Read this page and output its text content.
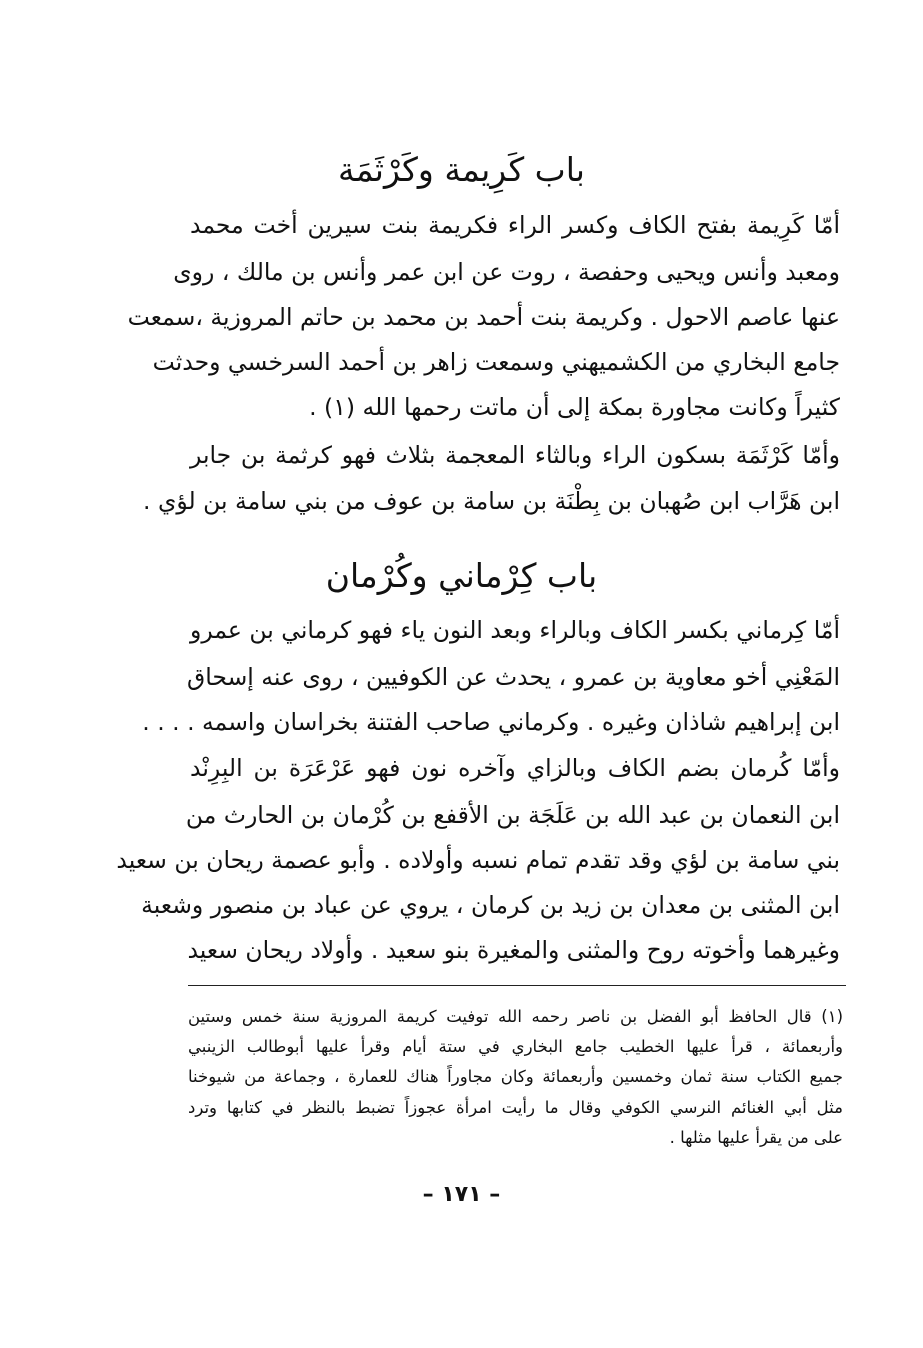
باب كَرِيمة وكَرْثَمَة
أمّا كَرِيمة بفتح الكاف وكسر الراء فكريمة بنت سيرين أخت محمد
ومعبد وأنس ويحيى وحفصة ، روت عن ابن عمر وأنس بن مالك ، روى
عنها عاصم الاحول . وكريمة بنت أحمد بن محمد بن حاتم المروزية ،سمعت
جامع البخاري من الكشميهني وسمعت زاهر بن أحمد السرخسي وحدثت
كثيراً وكانت مجاورة بمكة إلى أن ماتت رحمها الله (١) .
وأمّا كَرْثَمَة بسكون الراء وبالثاء المعجمة بثلاث فهو كرثمة بن جابر
ابن هَرَّاب ابن صُهبان بن بِطْنَة بن سامة بن عوف من بني سامة بن لؤي .
باب كِرْماني وكُرْمان
أمّا كِرماني بكسر الكاف وبالراء وبعد النون ياء فهو كرماني بن عمرو
المَعْنِي أخو معاوية بن عمرو ، يحدث عن الكوفيين ، روى عنه إسحاق
ابن إبراهيم شاذان وغيره . وكرماني صاحب الفتنة بخراسان واسمه . . . .
وأمّا كُرمان بضم الكاف وبالزاي وآخره نون فهو عَرْعَرَة بن البِرِنْد
ابن النعمان بن عبد الله بن عَلَجَة بن الأقفع بن كُرْمان بن الحارث من
بني سامة بن لؤي وقد تقدم تمام نسبه وأولاده . وأبو عصمة ريحان بن سعيد
ابن المثنى بن معدان بن زيد بن كرمان ، يروي عن عباد بن منصور وشعبة
وغيرهما وأخوته روح والمثنى والمغيرة بنو سعيد . وأولاد ريحان سعيد
(١) قال الحافظ أبو الفضل بن ناصر رحمه الله توفيت كريمة المروزية سنة خمس وستين
وأربعمائة ، قرأ عليها الخطيب جامع البخاري في ستة أيام وقرأ عليها أبوطالب الزينبي
جميع الكتاب سنة ثمان وخمسين وأربعمائة وكان مجاوراً هناك للعمارة ، وجماعة من شيوخنا
مثل أبي الغنائم النرسي الكوفي وقال ما رأيت امرأة عجوزاً تضبط بالنظر في كتابها وترد
على من يقرأ عليها مثلها .
– ١٧١ –
